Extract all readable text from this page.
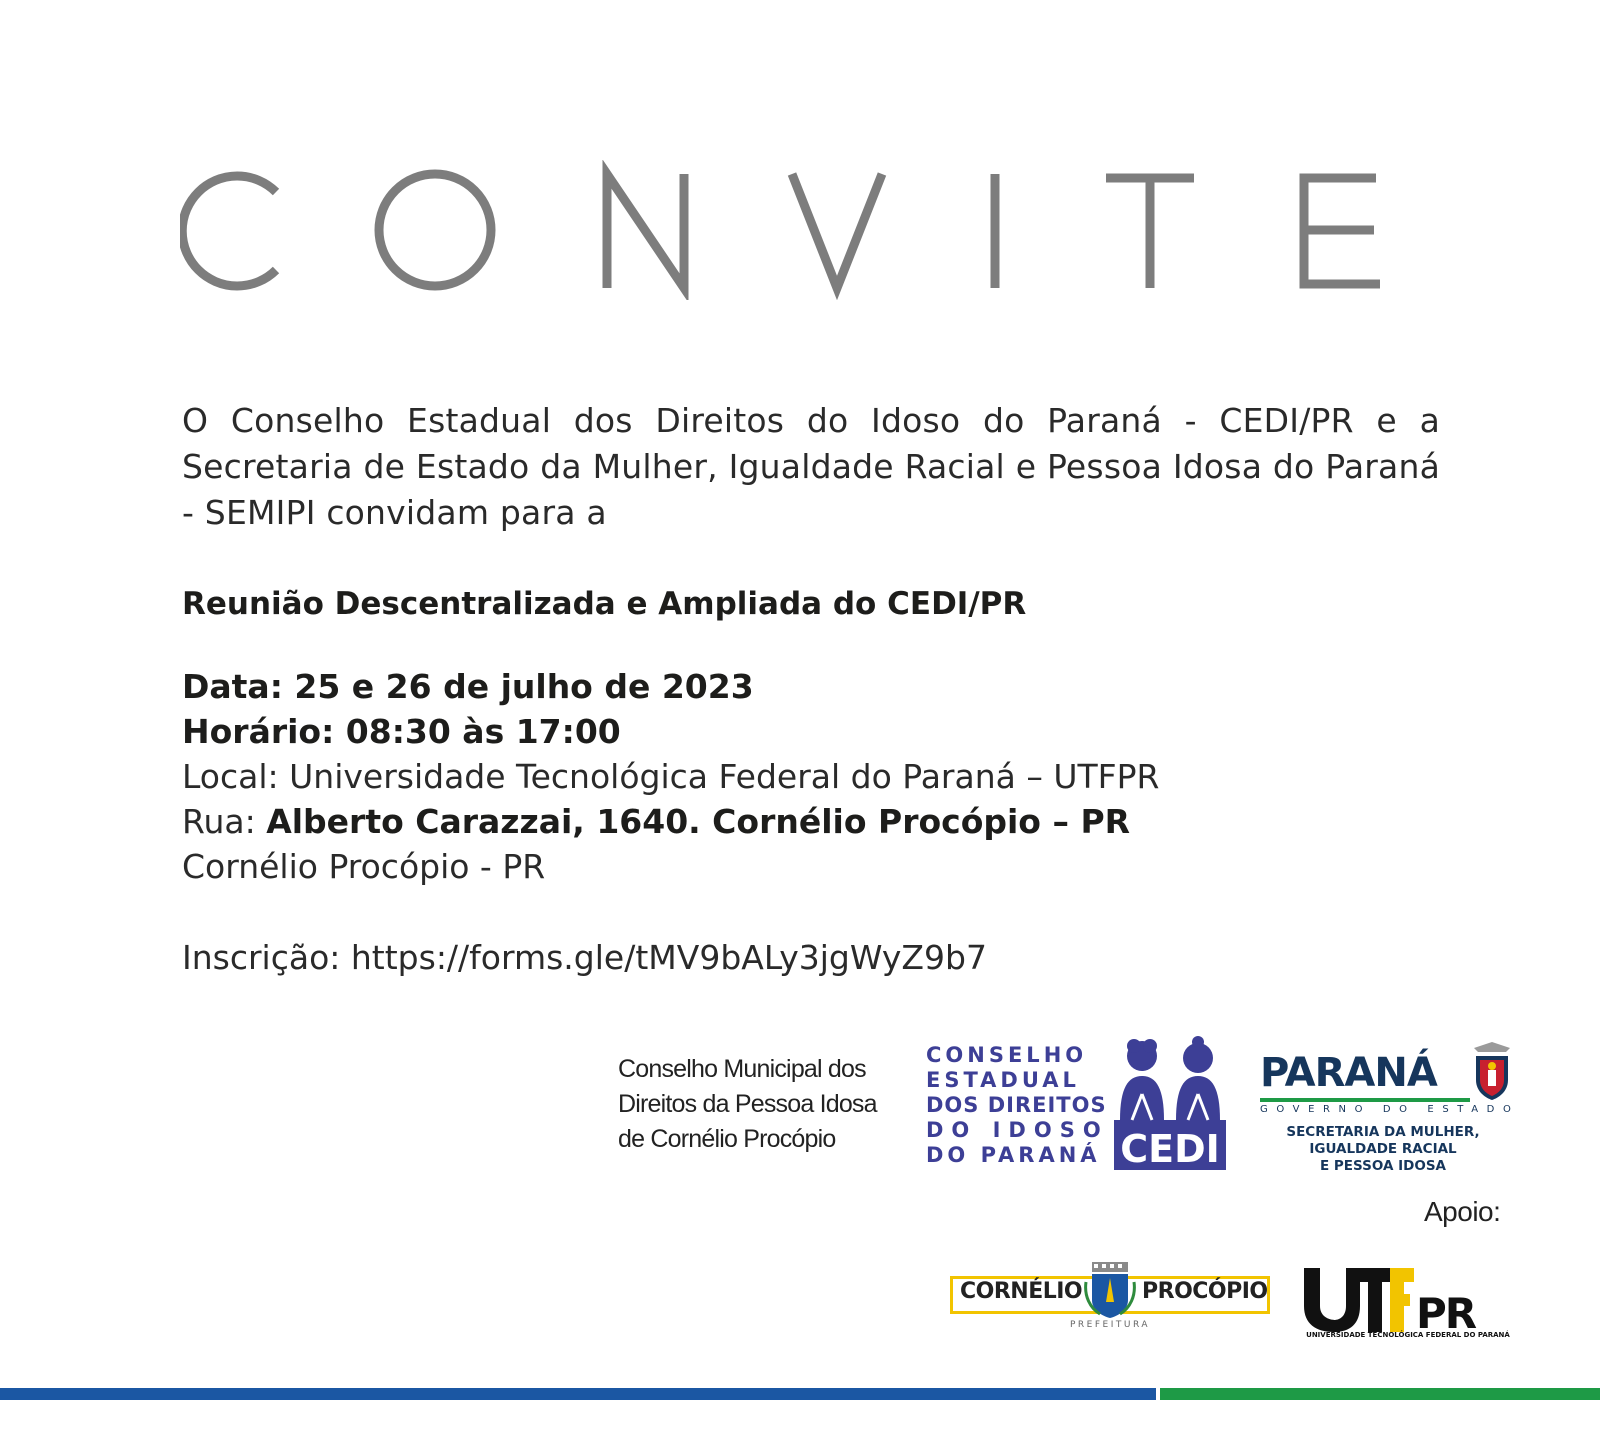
O Conselho Estadual dos Direitos do Idoso do Paraná - CEDI/PR e a Secretaria de Estado da Mulher, Igualdade Racial e Pessoa Idosa do Paraná - SEMIPI convidam para a
Reunião Descentralizada e Ampliada do CEDI/PR
Data: 25 e 26 de julho de 2023
Horário: 08:30 às 17:00
Local: Universidade Tecnológica Federal do Paraná – UTFPR
Rua: Alberto Carazzai, 1640. Cornélio Procópio – PR
Cornélio Procópio - PR
Inscrição: https://forms.gle/tMV9bALy3jgWyZ9b7
Conselho Municipal dos
Direitos da Pessoa Idosa
de Cornélio Procópio
CONSELHO
ESTADUAL
DOS DIREITOS
DO IDOSO
DO PARANÁ CEDI
PARANÁ
GOVERNO DO ESTADO
SECRETARIA DA MULHER,
IGUALDADE RACIAL
E PESSOA IDOSA
Apoio:
CORNÉLIO	PROCÓPIO
PREFEITURA	PR
UNIVERSIDADE TECNOLÓGICA FEDERAL DO PARANÁ
